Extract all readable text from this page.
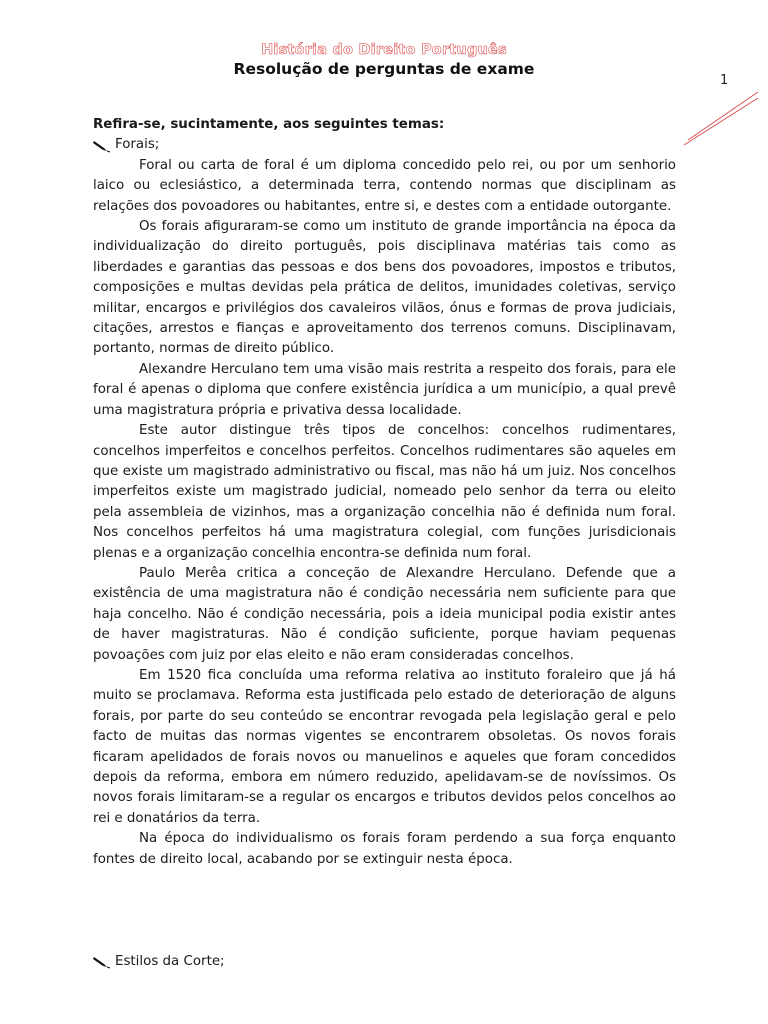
História do Direito Português
Resolução de perguntas de exame
1

Refira-se, sucintamente, aos seguintes temas:

Forais;

Foral ou carta de foral é um diploma concedido pelo rei, ou por um senhorio laico ou eclesiástico, a determinada terra, contendo normas que disciplinam as relações dos povoadores ou habitantes, entre si, e destes com a entidade outorgante.

Os forais afiguraram-se como um instituto de grande importância na época da individualização do direito português, pois disciplinava matérias tais como as liberdades e garantias das pessoas e dos bens dos povoadores, impostos e tributos, composições e multas devidas pela prática de delitos, imunidades coletivas, serviço militar, encargos e privilégios dos cavaleiros vilãos, ónus e formas de prova judiciais, citações, arrestos e fianças e aproveitamento dos terrenos comuns. Disciplinavam, portanto, normas de direito público.

Alexandre Herculano tem uma visão mais restrita a respeito dos forais, para ele foral é apenas o diploma que confere existência jurídica a um município, a qual prevê uma magistratura própria e privativa dessa localidade.

Este autor distingue três tipos de concelhos: concelhos rudimentares, concelhos imperfeitos e concelhos perfeitos. Concelhos rudimentares são aqueles em que existe um magistrado administrativo ou fiscal, mas não há um juiz. Nos concelhos imperfeitos existe um magistrado judicial, nomeado pelo senhor da terra ou eleito pela assembleia de vizinhos, mas a organização concelhia não é definida num foral. Nos concelhos perfeitos há uma magistratura colegial, com funções jurisdicionais plenas e a organização concelhia encontra-se definida num foral.

Paulo Merêa critica a conceção de Alexandre Herculano. Defende que a existência de uma magistratura não é condição necessária nem suficiente para que haja concelho. Não é condição necessária, pois a ideia municipal podia existir antes de haver magistraturas. Não é condição suficiente, porque haviam pequenas povoações com juiz por elas eleito e não eram consideradas concelhos.

Em 1520 fica concluída uma reforma relativa ao instituto foraleiro que já há muito se proclamava. Reforma esta justificada pelo estado de deterioração de alguns forais, por parte do seu conteúdo se encontrar revogada pela legislação geral e pelo facto de muitas das normas vigentes se encontrarem obsoletas. Os novos forais ficaram apelidados de forais novos ou manuelinos e aqueles que foram concedidos depois da reforma, embora em número reduzido, apelidavam-se de novíssimos. Os novos forais limitaram-se a regular os encargos e tributos devidos pelos concelhos ao rei e donatários da terra.

Na época do individualismo os forais foram perdendo a sua força enquanto fontes de direito local, acabando por se extinguir nesta época.

Estilos da Corte;
